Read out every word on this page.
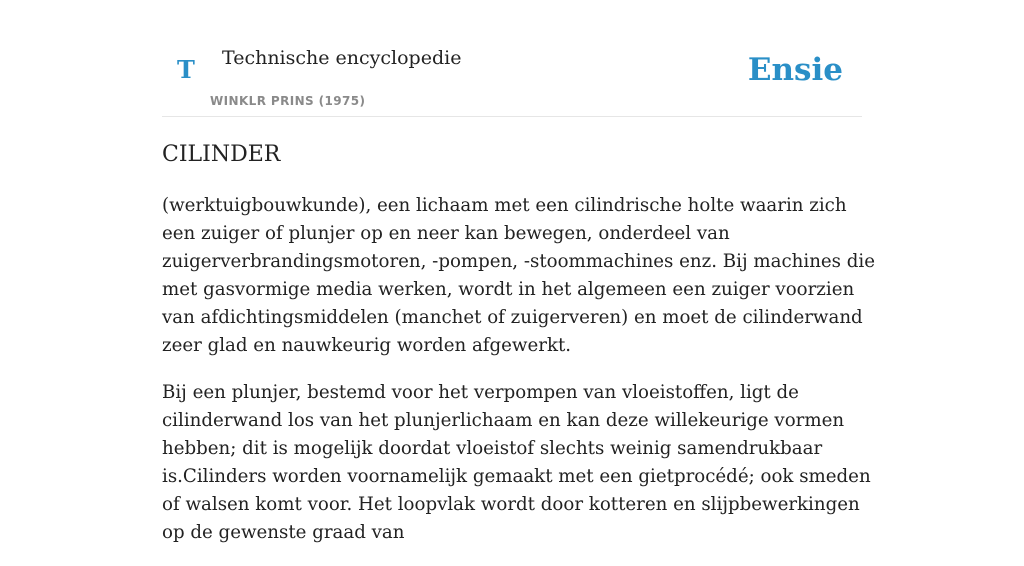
T Technische encyclopedie
WINKLR PRINS (1975)
Ensie
CILINDER

(werktuigbouwkunde), een lichaam met een cilindrische holte waarin zich een zuiger of plunjer op en neer kan bewegen, onderdeel van zuigerverbrandingsmotoren, -pompen, -stoommachines enz. Bij machines die met gasvormige media werken, wordt in het algemeen een zuiger voorzien van afdichtingsmiddelen (manchet of zuigerveren) en moet de cilinderwand zeer glad en nauwkeurig worden afgewerkt.

Bij een plunjer, bestemd voor het verpompen van vloeistoffen, ligt de cilinderwand los van het plunjerlichaam en kan deze willekeurige vormen hebben; dit is mogelijk doordat vloeistof slechts weinig samendrukbaar is.Cilinders worden voornamelijk gemaakt met een gietprocédé; ook smeden of walsen komt voor. Het loopvlak wordt door kotteren en slijpbewerkingen op de gewenste graad van
